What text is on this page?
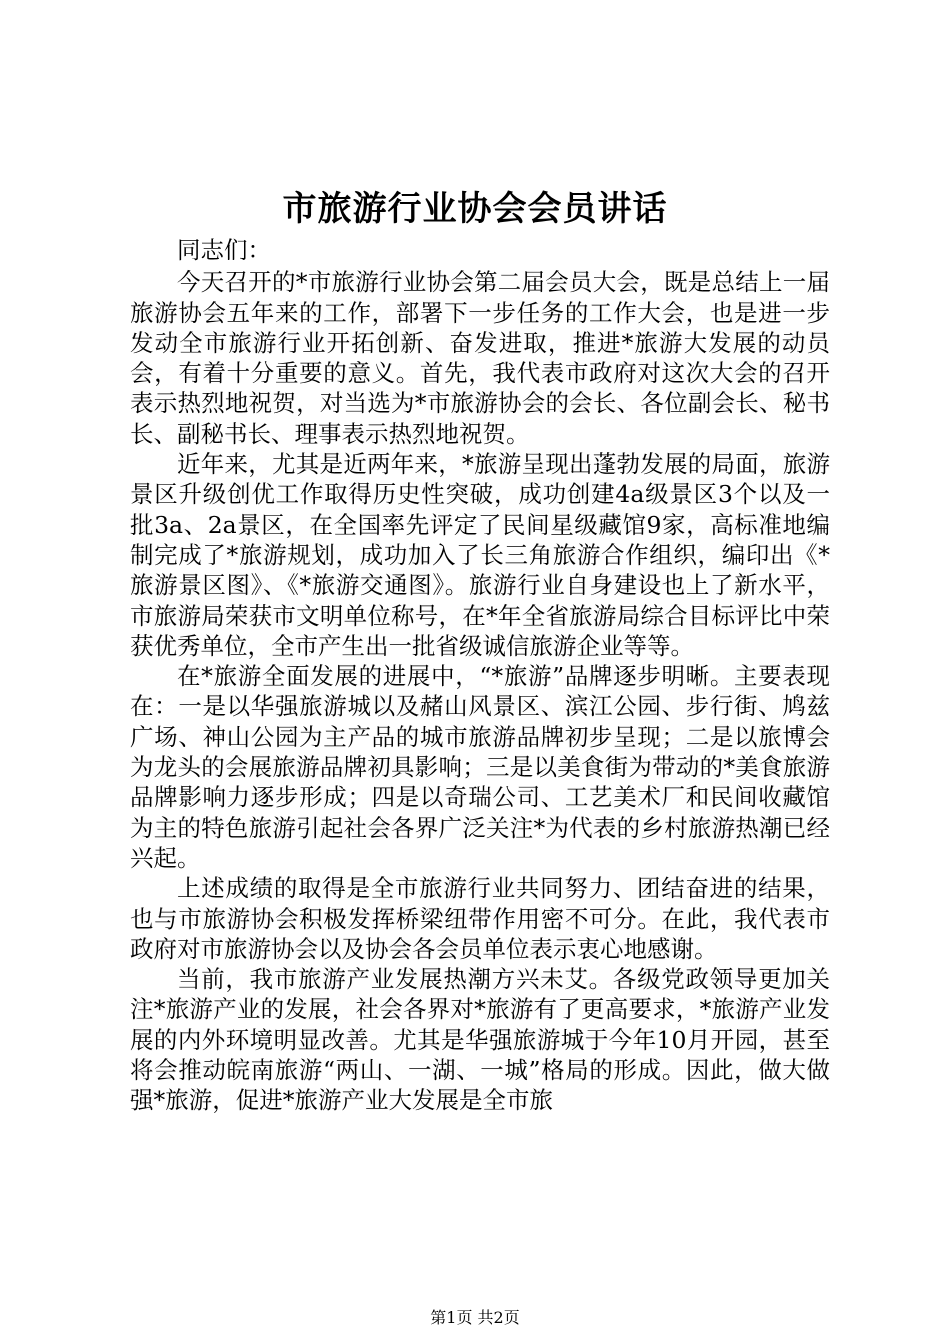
市旅游行业协会会员讲话

同志们：

今天召开的*市旅游行业协会第二届会员大会，既是总结上一届旅游协会五年来的工作，部署下一步任务的工作大会，也是进一步发动全市旅游行业开拓创新、奋发进取，推进*旅游大发展的动员会，有着十分重要的意义。首先，我代表市政府对这次大会的召开表示热烈地祝贺，对当选为*市旅游协会的会长、各位副会长、秘书长、副秘书长、理事表示热烈地祝贺。

近年来，尤其是近两年来，*旅游呈现出蓬勃发展的局面，旅游景区升级创优工作取得历史性突破，成功创建4a级景区3个以及一批3a、2a景区，在全国率先评定了民间星级藏馆9家，高标准地编制完成了*旅游规划，成功加入了长三角旅游合作组织，编印出《*旅游景区图》、《*旅游交通图》。旅游行业自身建设也上了新水平，市旅游局荣获市文明单位称号，在*年全省旅游局综合目标评比中荣获优秀单位，全市产生出一批省级诚信旅游企业等等。

在*旅游全面发展的进展中，“*旅游”品牌逐步明晰。主要表现在：一是以华强旅游城以及赭山风景区、滨江公园、步行街、鸠兹广场、神山公园为主产品的城市旅游品牌初步呈现；二是以旅博会为龙头的会展旅游品牌初具影响；三是以美食街为带动的*美食旅游品牌影响力逐步形成；四是以奇瑞公司、工艺美术厂和民间收藏馆为主的特色旅游引起社会各界广泛关注*为代表的乡村旅游热潮已经兴起。

上述成绩的取得是全市旅游行业共同努力、团结奋进的结果，也与市旅游协会积极发挥桥梁纽带作用密不可分。在此，我代表市政府对市旅游协会以及协会各会员单位表示衷心地感谢。

当前，我市旅游产业发展热潮方兴未艾。各级党政领导更加关注*旅游产业的发展，社会各界对*旅游有了更高要求，*旅游产业发展的内外环境明显改善。尤其是华强旅游城于今年10月开园，甚至将会推动皖南旅游“两山、一湖、一城”格局的形成。因此，做大做强*旅游，促进*旅游产业大发展是全市旅

第1页 共2页
